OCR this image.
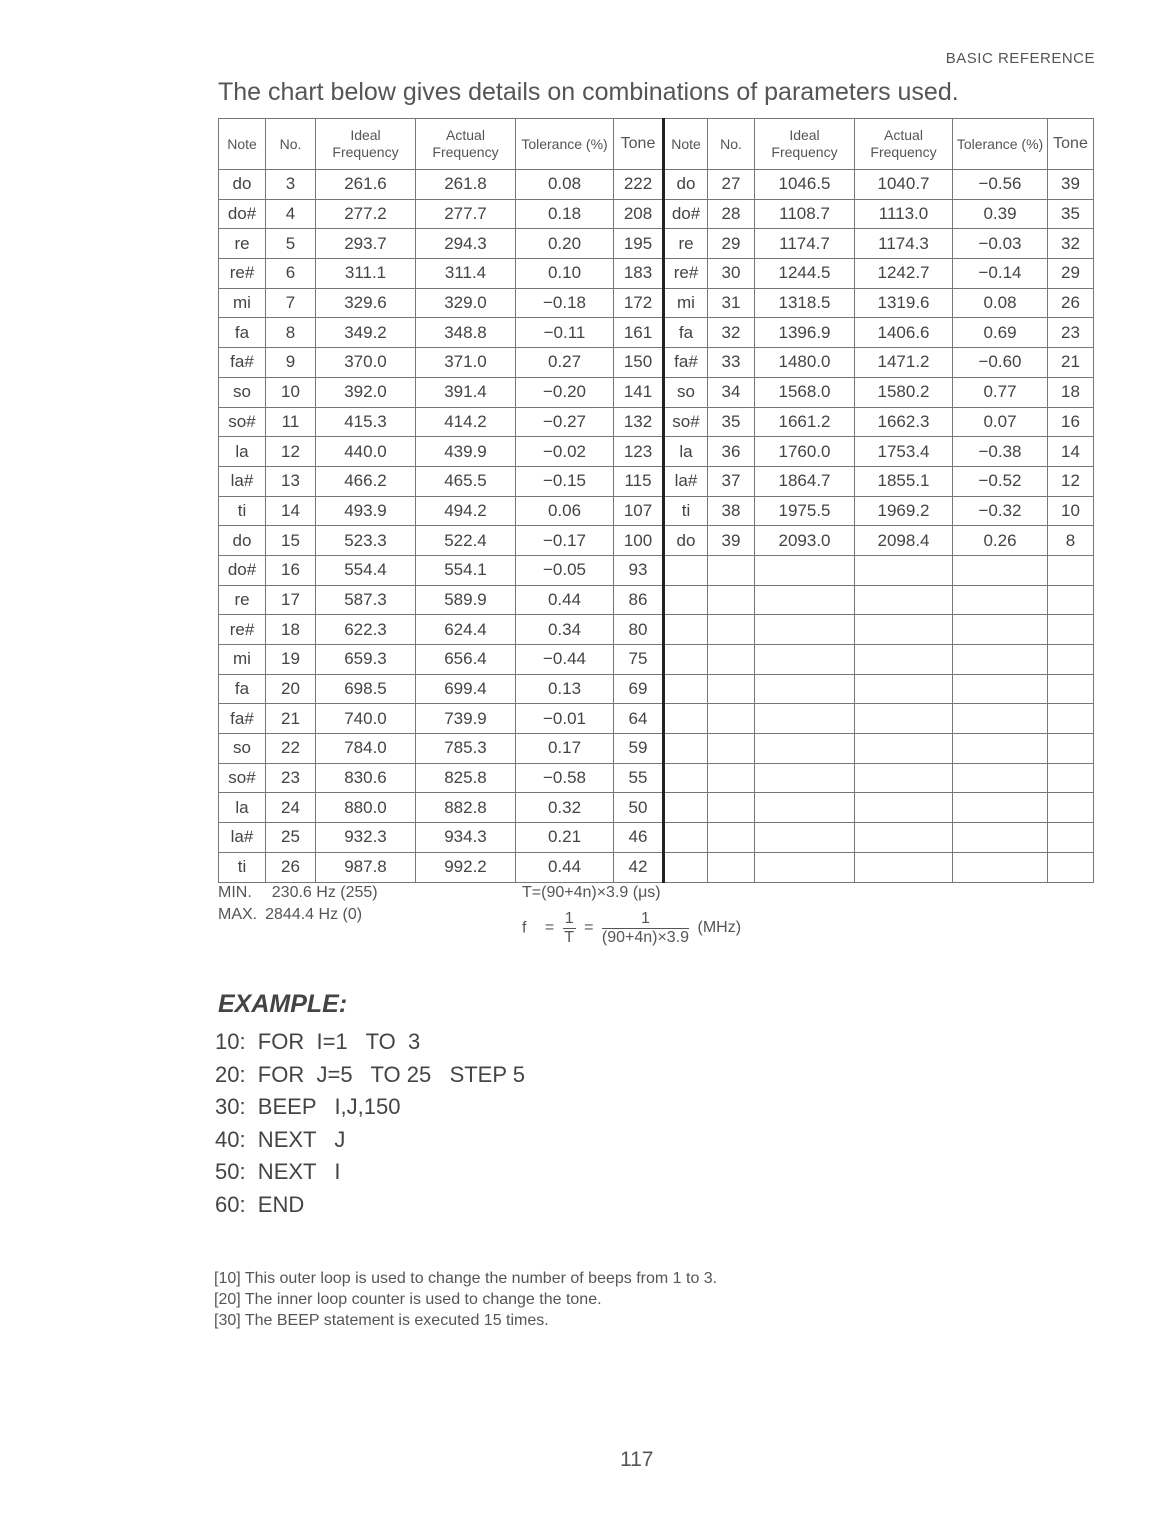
BASIC REFERENCE
The chart below gives details on combinations of parameters used.
Note	No.	Ideal Frequency	Actual Frequency	Tolerance (%)	Tone	Note	No.	Ideal Frequency	Actual Frequency	Tolerance (%)	Tone
do	3	261.6	261.8	0.08	222	do	27	1046.5	1040.7	−0.56	39
do#	4	277.2	277.7	0.18	208	do#	28	1108.7	1113.0	0.39	35
re	5	293.7	294.3	0.20	195	re	29	1174.7	1174.3	−0.03	32
re#	6	311.1	311.4	0.10	183	re#	30	1244.5	1242.7	−0.14	29
mi	7	329.6	329.0	−0.18	172	mi	31	1318.5	1319.6	0.08	26
fa	8	349.2	348.8	−0.11	161	fa	32	1396.9	1406.6	0.69	23
fa#	9	370.0	371.0	0.27	150	fa#	33	1480.0	1471.2	−0.60	21
so	10	392.0	391.4	−0.20	141	so	34	1568.0	1580.2	0.77	18
so#	11	415.3	414.2	−0.27	132	so#	35	1661.2	1662.3	0.07	16
la	12	440.0	439.9	−0.02	123	la	36	1760.0	1753.4	−0.38	14
la#	13	466.2	465.5	−0.15	115	la#	37	1864.7	1855.1	−0.52	12
ti	14	493.9	494.2	0.06	107	ti	38	1975.5	1969.2	−0.32	10
do	15	523.3	522.4	−0.17	100	do	39	2093.0	2098.4	0.26	8
do#	16	554.4	554.1	−0.05	93						
re	17	587.3	589.9	0.44	86						
re#	18	622.3	624.4	0.34	80						
mi	19	659.3	656.4	−0.44	75						
fa	20	698.5	699.4	0.13	69						
fa#	21	740.0	739.9	−0.01	64						
so	22	784.0	785.3	0.17	59						
so#	23	830.6	825.8	−0.58	55						
la	24	880.0	882.8	0.32	50						
la#	25	932.3	934.3	0.21	46						
ti	26	987.8	992.2	0.44	42						
MIN. 230.6 Hz (255)
MAX. 2844.4 Hz (0)
T=(90+4n)×3.9 (μs)
$f = \frac{1}{T} = \frac{1}{(90+4n)\times 3.9} (MHz)$
EXAMPLE:
10:  FOR  I=1   TO  3
20:  FOR  J=5   TO 25   STEP 5
30:  BEEP   I,J,150
40:  NEXT   J
50:  NEXT   I
60:  END
[10] This outer loop is used to change the number of beeps from 1 to 3.
[20] The inner loop counter is used to change the tone.
[30] The BEEP statement is executed 15 times.
117
